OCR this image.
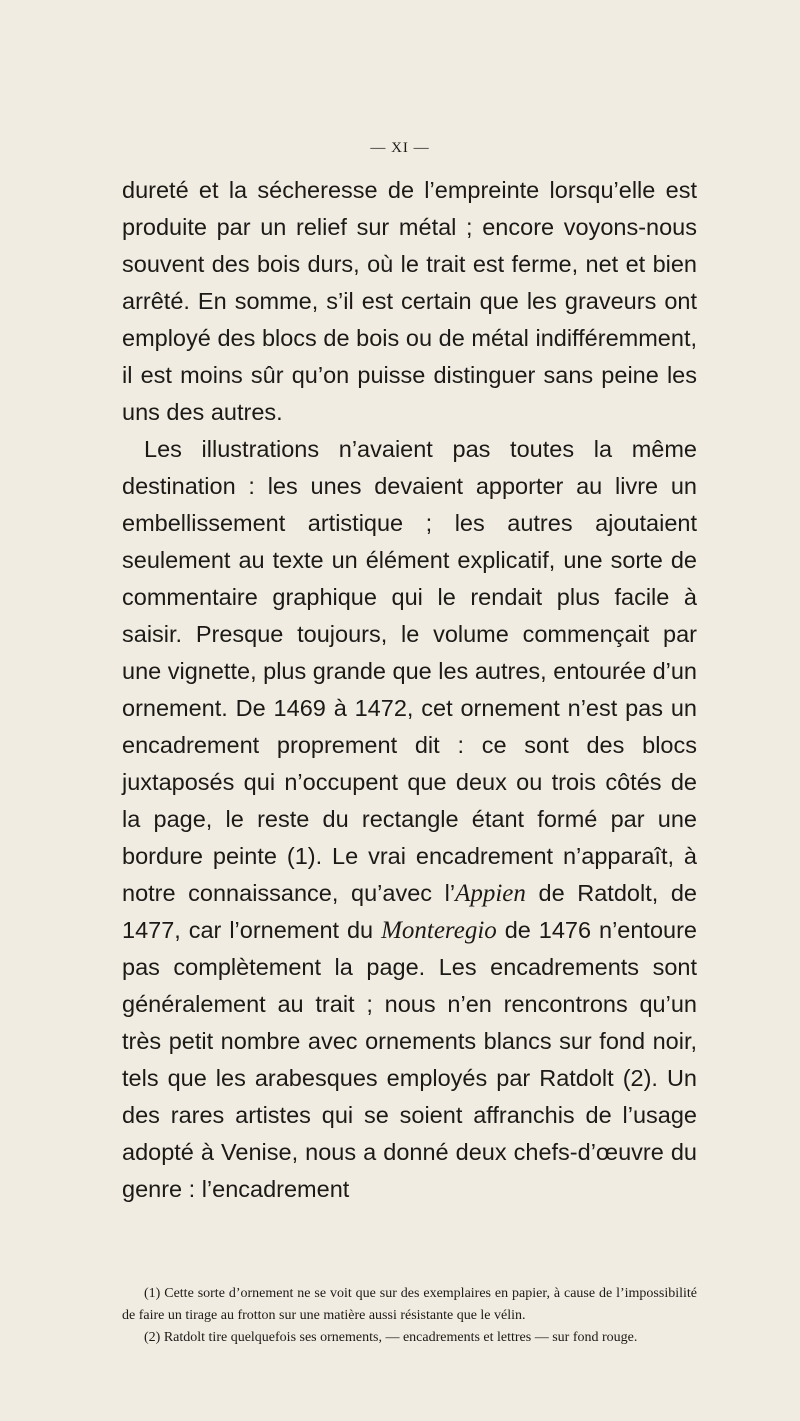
— XI —

dureté et la sécheresse de l’empreinte lorsqu’elle est produite par un relief sur métal ; encore voyons-nous souvent des bois durs, où le trait est ferme, net et bien arrêté. En somme, s’il est certain que les graveurs ont employé des blocs de bois ou de métal indifféremment, il est moins sûr qu’on puisse distinguer sans peine les uns des autres.

Les illustrations n’avaient pas toutes la même destination : les unes devaient apporter au livre un embellissement artistique ; les autres ajoutaient seulement au texte un élément explicatif, une sorte de commentaire graphique qui le rendait plus facile à saisir. Presque toujours, le volume commençait par une vignette, plus grande que les autres, entourée d’un ornement. De 1469 à 1472, cet ornement n’est pas un encadrement proprement dit : ce sont des blocs juxtaposés qui n’occupent que deux ou trois côtés de la page, le reste du rectangle étant formé par une bordure peinte (1). Le vrai encadrement n’apparaît, à notre connaissance, qu’avec l’Appien de Ratdolt, de 1477, car l’ornement du Monteregio de 1476 n’entoure pas complètement la page. Les encadrements sont généralement au trait ; nous n’en rencontrons qu’un très petit nombre avec ornements blancs sur fond noir, tels que les arabesques employés par Ratdolt (2). Un des rares artistes qui se soient affranchis de l’usage adopté à Venise, nous a donné deux chefs-d’œuvre du genre : l’encadrement

(1) Cette sorte d’ornement ne se voit que sur des exemplaires en papier, à cause de l’impossibilité de faire un tirage au frotton sur une matière aussi résistante que le vélin.

(2) Ratdolt tire quelquefois ses ornements, — encadrements et lettres — sur fond rouge.
